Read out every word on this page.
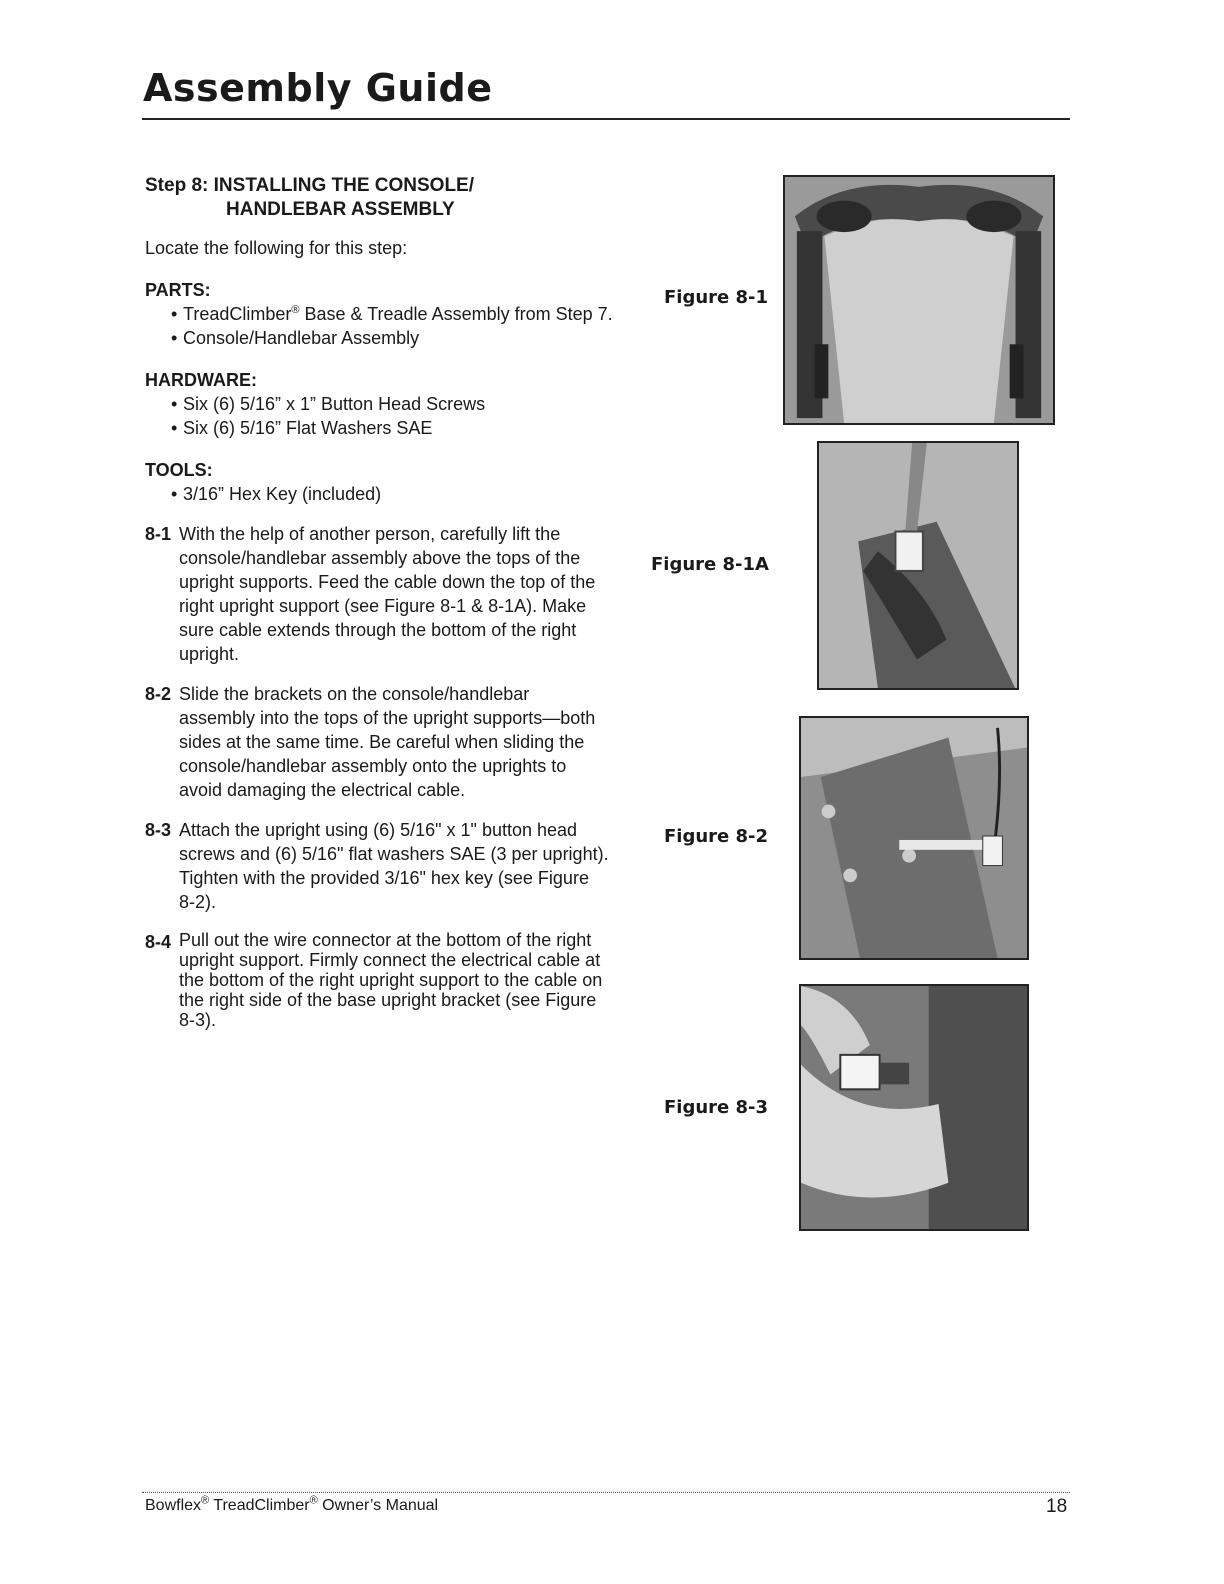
Assembly Guide

Step 8: INSTALLING THE CONSOLE/
HANDLEBAR ASSEMBLY

Locate the following for this step:

PARTS:

• TreadClimber® Base & Treadle Assembly from Step 7.
• Console/Handlebar Assembly

HARDWARE:

• Six (6) 5/16” x 1” Button Head Screws
• Six (6) 5/16” Flat Washers SAE

TOOLS:

• 3/16” Hex Key (included)
8-1 With the help of another person, carefully lift the console/handlebar assembly above the tops of the upright supports. Feed the cable down the top of the right upright support (see Figure 8-1 & 8-1A). Make sure cable extends through the bottom of the right upright.
8-2 Slide the brackets on the console/handlebar assembly into the tops of the upright supports—both sides at the same time. Be careful when sliding the console/handlebar assembly onto the uprights to avoid damaging the electrical cable.
8-3 Attach the upright using (6) 5/16" x 1" button head screws and (6) 5/16" flat washers SAE (3 per upright). Tighten with the provided 3/16" hex key (see Figure 8-2).
8-4 Pull out the wire connector at the bottom of the right upright support. Firmly connect the electrical cable at the bottom of the right upright support to the cable on the right side of the base upright bracket (see Figure 8-3).
Figure 8-1
Figure 8-1A
Figure 8-2
Figure 8-3
Bowflex® TreadClimber® Owner’s Manual	18
